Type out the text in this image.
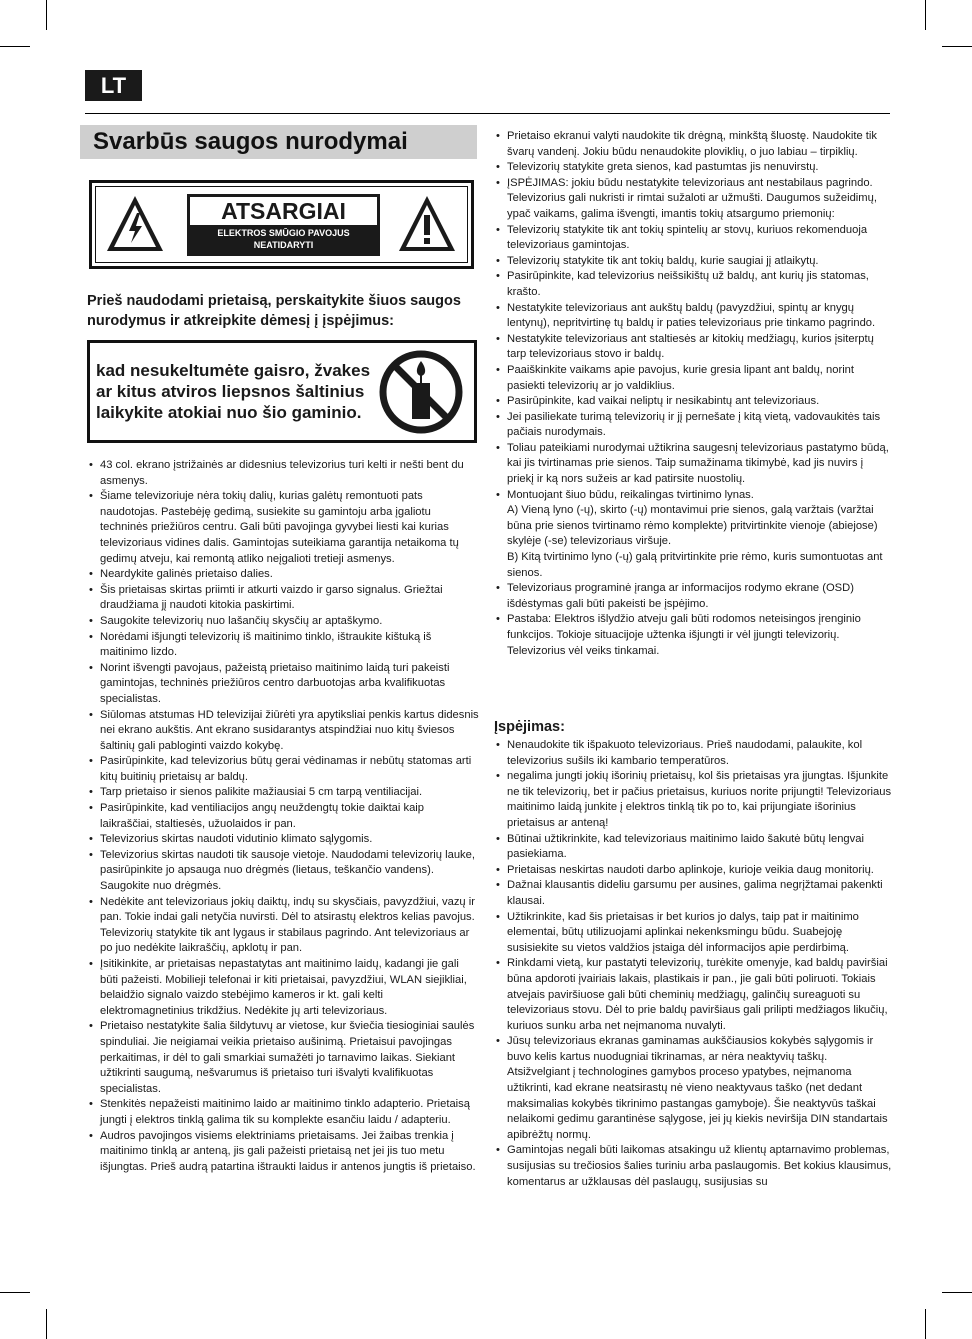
LT
Svarbūs saugos nurodymai
ATSARGIAI
ELEKTROS SMŪGIO PAVOJUS
NEATIDARYTI
Prieš naudodami prietaisą, perskaitykite šiuos saugos nurodymus ir atkreipkite dėmesį į įspėjimus:
kad nesukeltumėte gaisro, žvakes ar kitus atviros liepsnos šaltinius laikykite atokiai nuo šio gaminio.
• 43 col. ekrano įstrižainės ar didesnius televizorius turi kelti ir nešti bent du asmenys.
• Šiame televizoriuje nėra tokių dalių, kurias galėtų remontuoti pats naudotojas. Pastebėję gedimą, susiekite su gamintoju arba įgaliotu techninės priežiūros centru. Gali būti pavojinga gyvybei liesti kai kurias televizoriaus vidines dalis. Gamintojas suteikiama garantija netaikoma tų gedimų atveju, kai remontą atliko neįgalioti tretieji asmenys.
• Neardykite galinės prietaiso dalies.
• Šis prietaisas skirtas priimti ir atkurti vaizdo ir garso signalus. Griežtai draudžiama jį naudoti kitokia paskirtimi.
• Saugokite televizorių nuo lašančių skysčių ar aptaškymo.
• Norėdami išjungti televizorių iš maitinimo tinklo, ištraukite kištuką iš maitinimo lizdo.
• Norint išvengti pavojaus, pažeistą prietaiso maitinimo laidą turi pakeisti gamintojas, techninės priežiūros centro darbuotojas arba kvalifikuotas specialistas.
• Siūlomas atstumas HD televizijai žiūrėti yra apytiksliai penkis kartus didesnis nei ekrano aukštis. Ant ekrano susidarantys atspindžiai nuo kitų šviesos šaltinių gali pabloginti vaizdo kokybę.
• Pasirūpinkite, kad televizorius būtų gerai vėdinamas ir nebūtų statomas arti kitų buitinių prietaisų ar baldų.
• Tarp prietaiso ir sienos palikite mažiausiai 5 cm tarpą ventiliacijai.
• Pasirūpinkite, kad ventiliacijos angų neuždengtų tokie daiktai kaip laikraščiai, staltiesės, užuolaidos ir pan.
• Televizorius skirtas naudoti vidutinio klimato sąlygomis.
• Televizorius skirtas naudoti tik sausoje vietoje. Naudodami televizorių lauke, pasirūpinkite jo apsauga nuo drėgmės (lietaus, teškančio vandens). Saugokite nuo drėgmės.
• Nedėkite ant televizoriaus jokių daiktų, indų su skysčiais, pavyzdžiui, vazų ir pan. Tokie indai gali netyčia nuvirsti. Dėl to atsirastų elektros kelias pavojus. Televizorių statykite tik ant lygaus ir stabilaus pagrindo. Ant televizoriaus ar po juo nedėkite laikraščių, apklotų ir pan.
• Įsitikinkite, ar prietaisas nepastatytas ant maitinimo laidų, kadangi jie gali būti pažeisti. Mobilieji telefonai ir kiti prietaisai, pavyzdžiui, WLAN siejikliai, belaidžio signalo vaizdo stebėjimo kameros ir kt. gali kelti elektromagnetinius trikdžius. Nedėkite jų arti televizoriaus.
• Prietaiso nestatykite šalia šildytuvų ar vietose, kur šviečia tiesioginiai saulės spinduliai. Jie neigiamai veikia prietaiso aušinimą. Prietaisui pavojingas perkaitimas, ir dėl to gali smarkiai sumažėti jo tarnavimo laikas. Siekiant užtikrinti saugumą, nešvarumus iš prietaiso turi išvalyti kvalifikuotas specialistas.
• Stenkitės nepažeisti maitinimo laido ar maitinimo tinklo adapterio. Prietaisą jungti į elektros tinklą galima tik su komplekte esančiu laidu / adapteriu.
• Audros pavojingos visiems elektriniams prietaisams. Jei žaibas trenkia į maitinimo tinklą ar anteną, jis gali pažeisti prietaisą net jei jis tuo metu išjungtas. Prieš audrą patartina ištraukti laidus ir antenos jungtis iš prietaiso.
• Prietaiso ekranui valyti naudokite tik drėgną, minkštą šluostę. Naudokite tik švarų vandenį. Jokiu būdu nenaudokite ploviklių, o juo labiau – tirpiklių.
• Televizorių statykite greta sienos, kad pastumtas jis nenuvirstų.
• ĮSPĖJIMAS: jokiu būdu nestatykite televizoriaus ant nestabilaus pagrindo. Televizorius gali nukristi ir rimtai sužaloti ar užmušti. Daugumos sužeidimų, ypač vaikams, galima išvengti, imantis tokių atsargumo priemonių:
• Televizorių statykite tik ant tokių spintelių ar stovų, kuriuos rekomenduoja televizoriaus gamintojas.
• Televizorių statykite tik ant tokių baldų, kurie saugiai jį atlaikytų.
• Pasirūpinkite, kad televizorius neišsikištų už baldų, ant kurių jis statomas, krašto.
• Nestatykite televizoriaus ant aukštų baldų (pavyzdžiui, spintų ar knygų lentynų), nepritvirtinę tų baldų ir paties televizoriaus prie tinkamo pagrindo.
• Nestatykite televizoriaus ant staltiesės ar kitokių medžiagų, kurios įsiterptų tarp televizoriaus stovo ir baldų.
• Paaiškinkite vaikams apie pavojus, kurie gresia lipant ant baldų, norint pasiekti televizorių ar jo valdiklius.
• Pasirūpinkite, kad vaikai neliptų ir nesikabintų ant televizoriaus.
• Jei pasiliekate turimą televizorių ir jį pernešate į kitą vietą, vadovaukitės tais pačiais nurodymais.
• Toliau pateikiami nurodymai užtikrina saugesnį televizoriaus pastatymo būdą, kai jis tvirtinamas prie sienos. Taip sumažinama tikimybė, kad jis nuvirs į priekį ir ką nors sužeis ar kad patirsite nuostolių.
• Montuojant šiuo būdu, reikalingas tvirtinimo lynas.
A) Vieną lyno (-ų), skirto (-ų) montavimui prie sienos, galą varžtais (varžtai būna prie sienos tvirtinamo rėmo komplekte) pritvirtinkite vienoje (abiejose) skylėje (-se) televizoriaus viršuje.
B) Kitą tvirtinimo lyno (-ų) galą pritvirtinkite prie rėmo, kuris sumontuotas ant sienos.
• Televizoriaus programinė įranga ar informacijos rodymo ekrane (OSD) išdėstymas gali būti pakeisti be įspėjimo.
• Pastaba: Elektros išlydžio atveju gali būti rodomos neteisingos įrenginio funkcijos. Tokioje situacijoje užtenka išjungti ir vėl įjungti televizorių. Televizorius vėl veiks tinkamai.
Įspėjimas:
• Nenaudokite tik išpakuoto televizoriaus. Prieš naudodami, palaukite, kol televizorius sušils iki kambario temperatūros.
• negalima jungti jokių išorinių prietaisų, kol šis prietaisas yra įjungtas. Išjunkite ne tik televizorių, bet ir pačius prietaisus, kuriuos norite prijungti! Televizoriaus maitinimo laidą junkite į elektros tinklą tik po to, kai prijungiate išorinius prietaisus ar anteną!
• Būtinai užtikrinkite, kad televizoriaus maitinimo laido šakutė būtų lengvai pasiekiama.
• Prietaisas neskirtas naudoti darbo aplinkoje, kurioje veikia daug monitorių.
• Dažnai klausantis dideliu garsumu per ausines, galima negrįžtamai pakenkti klausai.
• Užtikrinkite, kad šis prietaisas ir bet kurios jo dalys, taip pat ir maitinimo elementai, būtų utilizuojami aplinkai nekenksmingu būdu. Suabejoję susisiekite su vietos valdžios įstaiga dėl informacijos apie perdirbimą.
• Rinkdami vietą, kur pastatyti televizorių, turėkite omenyje, kad baldų paviršiai būna apdoroti įvairiais lakais, plastikais ir pan., jie gali būti poliruoti. Tokiais atvejais paviršiuose gali būti cheminių medžiagų, galinčių sureaguoti su televizoriaus stovu. Dėl to prie baldų paviršiaus gali prilipti medžiagos likučių, kuriuos sunku arba net neįmanoma nuvalyti.
• Jūsų televizoriaus ekranas gaminamas aukščiausios kokybės sąlygomis ir buvo kelis kartus nuodugniai tikrinamas, ar nėra neaktyvių taškų. Atsižvelgiant į technologines gamybos proceso ypatybes, neįmanoma užtikrinti, kad ekrane neatsirastų nė vieno neaktyvaus taško (net dedant maksimalias kokybės tikrinimo pastangas gamyboje). Šie neaktyvūs taškai nelaikomi gedimu garantinėse sąlygose, jei jų kiekis neviršija DIN standartais apibrėžtų normų.
• Gamintojas negali būti laikomas atsakingu už klientų aptarnavimo problemas, susijusias su trečiosios šalies turiniu arba paslaugomis. Bet kokius klausimus, komentarus ar užklausas dėl paslaugų, susijusias su
